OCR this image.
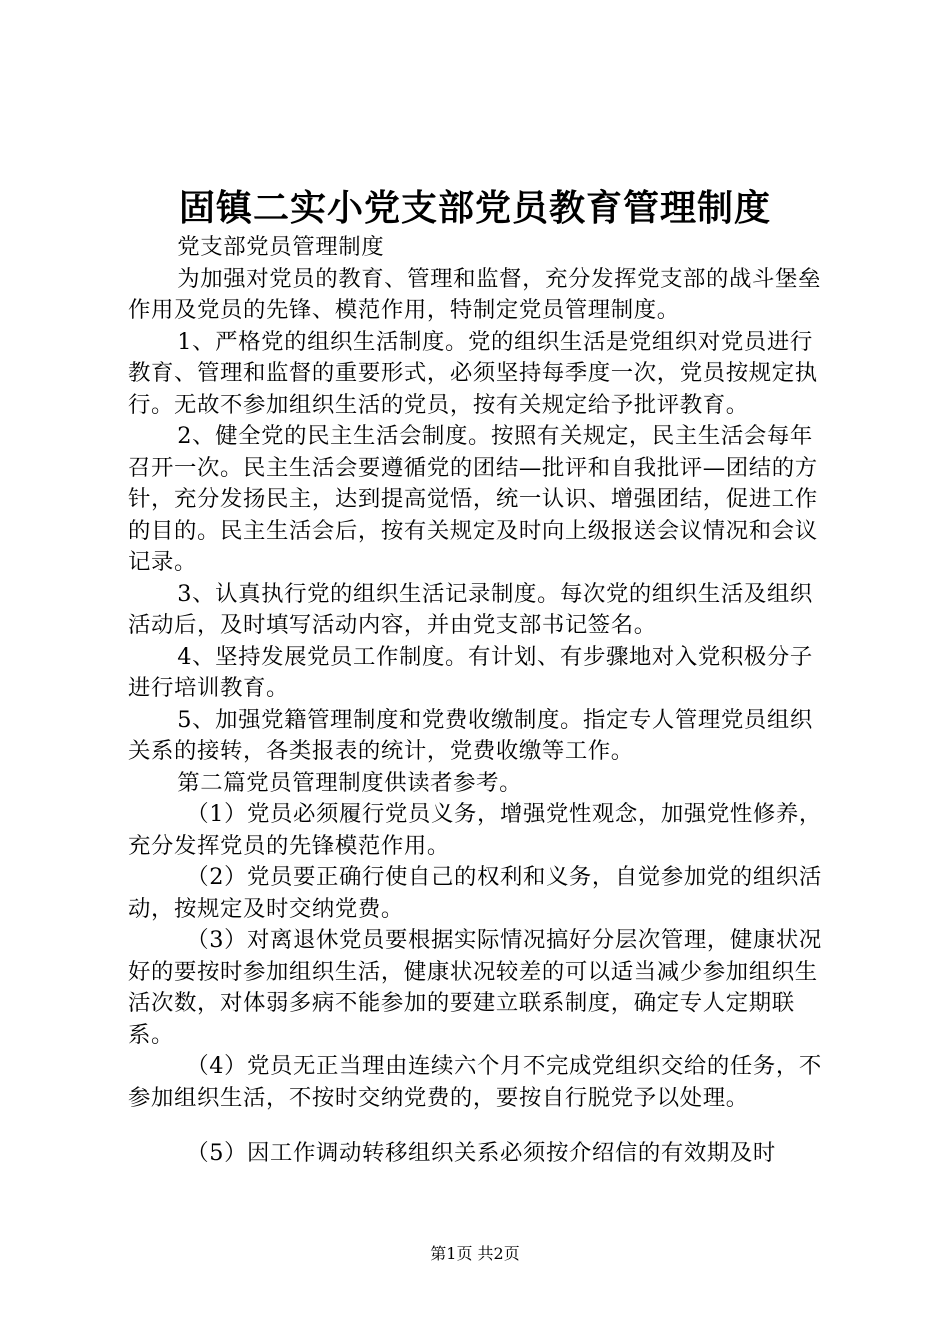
固镇二实小党支部党员教育管理制度

党支部党员管理制度

为加强对党员的教育、管理和监督，充分发挥党支部的战斗堡垒作用及党员的先锋、模范作用，特制定党员管理制度。

1、严格党的组织生活制度。党的组织生活是党组织对党员进行教育、管理和监督的重要形式，必须坚持每季度一次，党员按规定执行。无故不参加组织生活的党员，按有关规定给予批评教育。

2、健全党的民主生活会制度。按照有关规定，民主生活会每年召开一次。民主生活会要遵循党的团结—批评和自我批评—团结的方针，充分发扬民主，达到提高觉悟，统一认识、增强团结，促进工作的目的。民主生活会后，按有关规定及时向上级报送会议情况和会议记录。

3、认真执行党的组织生活记录制度。每次党的组织生活及组织活动后，及时填写活动内容，并由党支部书记签名。

4、坚持发展党员工作制度。有计划、有步骤地对入党积极分子进行培训教育。

5、加强党籍管理制度和党费收缴制度。指定专人管理党员组织关系的接转，各类报表的统计，党费收缴等工作。

第二篇党员管理制度供读者参考。

（1）党员必须履行党员义务，增强党性观念，加强党性修养，充分发挥党员的先锋模范作用。

（2）党员要正确行使自己的权利和义务，自觉参加党的组织活动，按规定及时交纳党费。

（3）对离退休党员要根据实际情况搞好分层次管理，健康状况好的要按时参加组织生活，健康状况较差的可以适当减少参加组织生活次数，对体弱多病不能参加的要建立联系制度，确定专人定期联系。

（4）党员无正当理由连续六个月不完成党组织交给的任务，不参加组织生活，不按时交纳党费的，要按自行脱党予以处理。

（5）因工作调动转移组织关系必须按介绍信的有效期及时

第1页 共2页
